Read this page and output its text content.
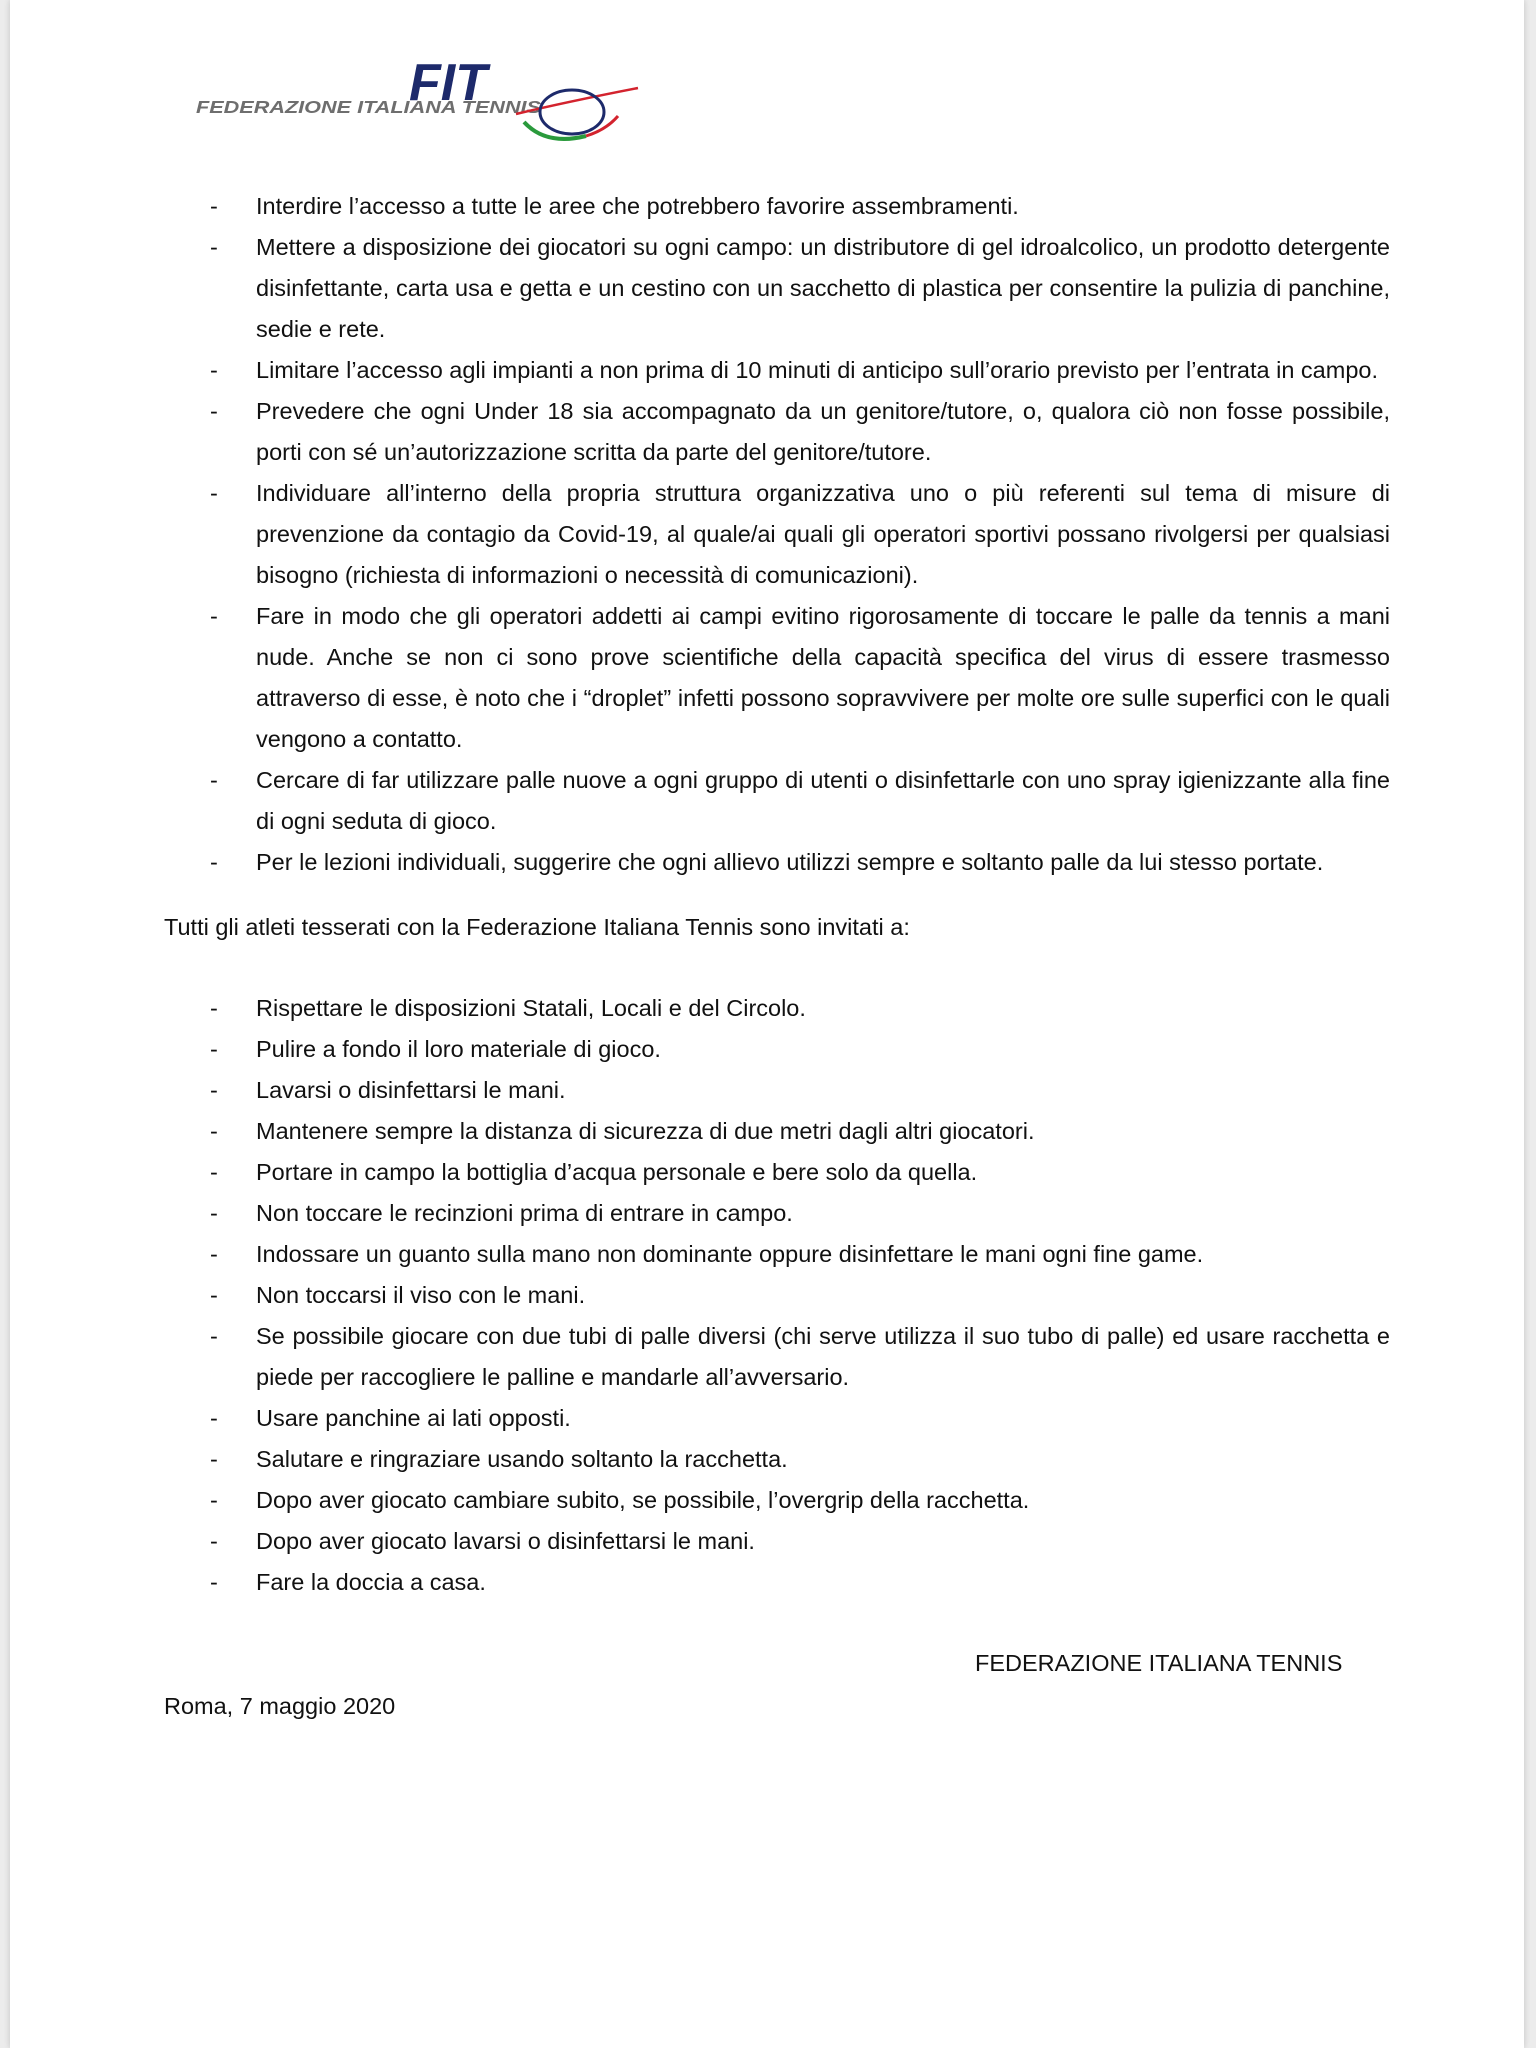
FIT
FEDERAZIONE ITALIANA TENNIS
- Interdire l’accesso a tutte le aree che potrebbero favorire assembramenti.
- Mettere a disposizione dei giocatori su ogni campo: un distributore di gel idroalcolico, un prodotto detergente disinfettante, carta usa e getta e un cestino con un sacchetto di plastica per consentire la pulizia di panchine, sedie e rete.
- Limitare l’accesso agli impianti a non prima di 10 minuti di anticipo sull’orario previsto per l’entrata in campo.
- Prevedere che ogni Under 18 sia accompagnato da un genitore/tutore, o, qualora ciò non fosse possibile, porti con sé un’autorizzazione scritta da parte del genitore/tutore.
- Individuare all’interno della propria struttura organizzativa uno o più referenti sul tema di misure di prevenzione da contagio da Covid-19, al quale/ai quali gli operatori sportivi possano rivolgersi per qualsiasi bisogno (richiesta di informazioni o necessità di comunicazioni).
- Fare in modo che gli operatori addetti ai campi evitino rigorosamente di toccare le palle da tennis a mani nude. Anche se non ci sono prove scientifiche della capacità specifica del virus di essere trasmesso attraverso di esse, è noto che i “droplet” infetti possono sopravvivere per molte ore sulle superfici con le quali vengono a contatto.
- Cercare di far utilizzare palle nuove a ogni gruppo di utenti o disinfettarle con uno spray igienizzante alla fine di ogni seduta di gioco.
- Per le lezioni individuali, suggerire che ogni allievo utilizzi sempre e soltanto palle da lui stesso portate.

Tutti gli atleti tesserati con la Federazione Italiana Tennis sono invitati a:

- Rispettare le disposizioni Statali, Locali e del Circolo.
- Pulire a fondo il loro materiale di gioco.
- Lavarsi o disinfettarsi le mani.
- Mantenere sempre la distanza di sicurezza di due metri dagli altri giocatori.
- Portare in campo la bottiglia d’acqua personale e bere solo da quella.
- Non toccare le recinzioni prima di entrare in campo.
- Indossare un guanto sulla mano non dominante oppure disinfettare le mani ogni fine game.
- Non toccarsi il viso con le mani.
- Se possibile giocare con due tubi di palle diversi (chi serve utilizza il suo tubo di palle) ed usare racchetta e piede per raccogliere le palline e mandarle all’avversario.
- Usare panchine ai lati opposti.
- Salutare e ringraziare usando soltanto la racchetta.
- Dopo aver giocato cambiare subito, se possibile, l’overgrip della racchetta.
- Dopo aver giocato lavarsi o disinfettarsi le mani.
- Fare la doccia a casa.
FEDERAZIONE ITALIANA TENNIS
Roma, 7 maggio 2020
